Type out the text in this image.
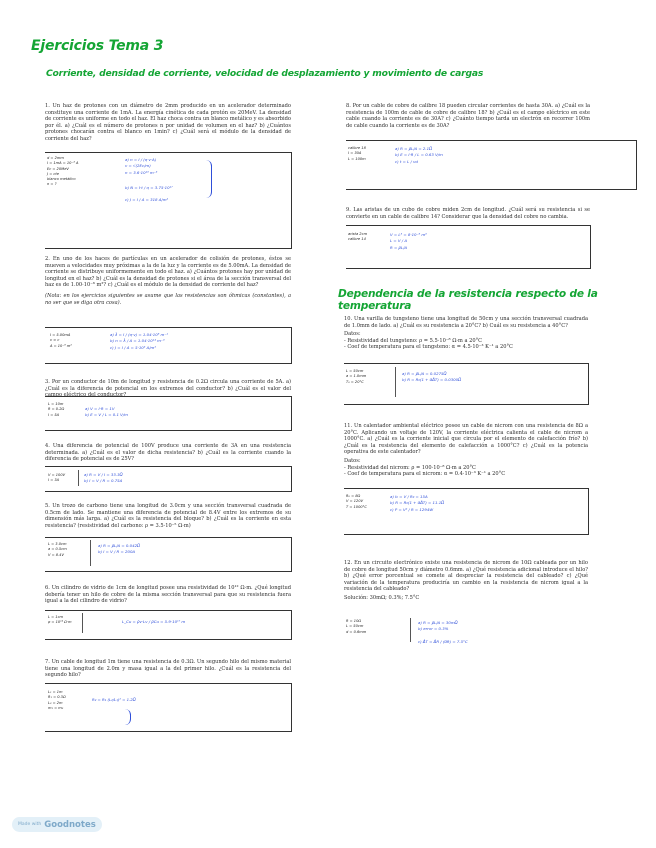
Ejercicios Tema 3
Corriente, densidad de corriente, velocidad de desplazamiento y movimiento de cargas
Dependencia de la resistencia respecto de la temperatura
1. Un haz de protones con un diámetro de 2mm producido en un acelerador determinado constituye una corriente de 1mA. La energía cinética de cada protón es 20MeV. La densidad de corriente es uniforme en todo el haz. El haz choca contra un blanco metálico y es absorbido por él. a) ¿Cuál es el número de protones n por unidad de volumen en el haz? b) ¿Cuántos protones chocarán contra el blanco en 1min? c) ¿Cuál será el módulo de la densidad de corriente del haz?
d = 2mm
I = 1mA = 10⁻³ A
Ec = 20MeV
J = cte
blanco metálico
n = ?
a) n = I / (q·v·A)
v = √(2Ec/m)
n = 3.6·10¹³ m⁻³
b) N = I·t / q = 3.75·10¹⁷
c) J = I / A = 318 A/m²
2. En uno de los haces de partículas en un acelerador de colisión de protones, éstos se mueven a velocidades muy próximas a la de la luz y la corriente es de 5.00mA. La densidad de corriente se distribuye uniformemente en todo el haz. a) ¿Cuántos protones hay por unidad de longitud en el haz? b) ¿Cuál es la densidad de protones si el área de la sección transversal del haz es de 1.00·10⁻⁶ m²? c) ¿Cuál es el módulo de la densidad de corriente del haz?
(Nota: en los ejercicios siguientes se asume que las resistencias son óhmicas (constantes), a no ser que se diga otra cosa).
I = 5.00mA
v ≈ c
A = 10⁻⁶ m²
a) λ = I / (q·v) = 1.04·10⁸ m⁻¹
b) n = λ / A = 1.04·10¹⁴ m⁻³
c) J = I / A = 5·10³ A/m²
3. Por un conductor de 10m de longitud y resistencia de 0.2Ω circula una corriente de 5A. a) ¿Cuál es la diferencia de potencial en los extremos del conductor? b) ¿Cuál es el valor del campo eléctrico del conductor?
L = 10m
R = 0.2Ω
I = 5A
a) V = I·R = 1V
b) E = V / L = 0.1 V/m
4. Una diferencia de potencial de 100V produce una corriente de 3A en una resistencia determinada. a) ¿Cuál es el valor de dicha resistencia? b) ¿Cuál es la corriente cuando la diferencia de potencial es de 25V?
V = 100V
I = 3A
a) R = V / I = 33.3Ω
b) I = V / R = 0.75A
5. Un trozo de carbono tiene una longitud de 3.0cm y una sección transversal cuadrada de 0.5cm de lado. Se mantiene una diferencia de potencial de 8.4V entre los extremos de su dimensión más larga. a) ¿Cuál es la resistencia del bloque? b) ¿Cuál es la corriente en esta resistencia? (resistividad del carbono: ρ = 3.5·10⁻⁵ Ω·m)
L = 3.0cm
a = 0.5cm
V = 8.4V
a) R = ρL/A = 0.042Ω
b) I = V / R = 200A
6. Un cilindro de vidrio de 1cm de longitud posee una resistividad de 10¹² Ω·m. ¿Qué longitud debería tener un hilo de cobre de la misma sección transversal para que su resistencia fuera igual a la del cilindro de vidrio?
L = 1cm
ρ = 10¹² Ω·m	L_Cu = ρv·Lv / ρCu = 5.9·10¹⁷ m
7. Un cable de longitud 1m tiene una resistencia de 0.3Ω. Un segundo hilo del mismo material tiene una longitud de 2.0m y masa igual a la del primer hilo. ¿Cuál es la resistencia del segundo hilo?
L₁ = 1m
R₁ = 0.3Ω
L₂ = 2m
m₁ = m₂
R₂ = R₁ (L₂/L₁)² = 1.2Ω
8. Por un cable de cobre de calibre 18 pueden circular corrientes de hasta 30A. a) ¿Cuál es la resistencia de 100m de cable de cobre de calibre 18? b) ¿Cuál es el campo eléctrico en este cable cuando la corriente es de 30A? c) ¿Cuánto tiempo tarda un electrón en recorrer 100m de cable cuando la corriente es de 30A?
calibre 18
I = 30A
L = 100m
a) R = ρL/A = 2.1Ω
b) E = I·R / L = 0.63 V/m
c) t = L / vd
9. Las aristas de un cubo de cobre miden 2cm de longitud. ¿Cuál será su resistencia si se convierte en un cable de calibre 14? Considerar que la densidad del cobre no cambia.
arista 2cm
calibre 14
V = L³ = 8·10⁻⁶ m³
L = V / A
R = ρL/A
10. Una varilla de tungsteno tiene una longitud de 50cm y una sección transversal cuadrada de 1.0mm de lado. a) ¿Cuál es su resistencia a 20°C? b) Cuál es su resistencia a 40°C?
Datos:
- Resistividad del tungsteno: ρ = 5.5·10⁻⁸ Ω·m a 20°C
- Coef de temperatura para el tungsteno: α = 4.5·10⁻³ K⁻¹ a 20°C
L = 50cm
a = 1.0mm
T₀ = 20°C
a) R = ρL/A = 0.0275Ω
b) R = R₀(1 + αΔT) = 0.0300Ω
11. Un calentador ambiental eléctrico posee un cable de nicrom con una resistencia de 8Ω a 20°C. Aplicando un voltaje de 120V, la corriente eléctrica calienta el cable de nicrom a 1000°C. a) ¿Cuál es la corriente inicial que circula por el elemento de calefacción frío? b) ¿Cuál es la resistencia del elemento de calefacción a 1000°C? c) ¿Cuál es la potencia operativa de este calentador?
Datos:
- Resistividad del nicrom: ρ = 100·10⁻⁸ Ω·m a 20°C
- Coef de temperatura para el nicrom: α = 0.4·10⁻³ K⁻¹ a 20°C
R₀ = 8Ω
V = 120V
T = 1000°C
a) I₀ = V / R₀ = 15A
b) R = R₀(1 + αΔT) = 11.1Ω
c) P = V² / R = 1294W
12. En un circuito electrónico existe una resistencia de nicrom de 10Ω cableada por un hilo de cobre de longitud 50cm y diámetro 0.6mm. a) ¿Qué resistencia adicional introduce el hilo? b) ¿Qué error porcentual se comete al despreciar la resistencia del cableado? c) ¿Qué variación de la temperatura produciría un cambio en la resistencia de nicrom igual a la resistencia del cableado?
Solución: 30mΩ; 0.3%; 7.5°C
R = 10Ω
L = 50cm
d = 0.6mm
a) R = ρL/A = 30mΩ
b) error = 0.3%
c) ΔT = ΔR / (αR) = 7.5°C
Made with Goodnotes
